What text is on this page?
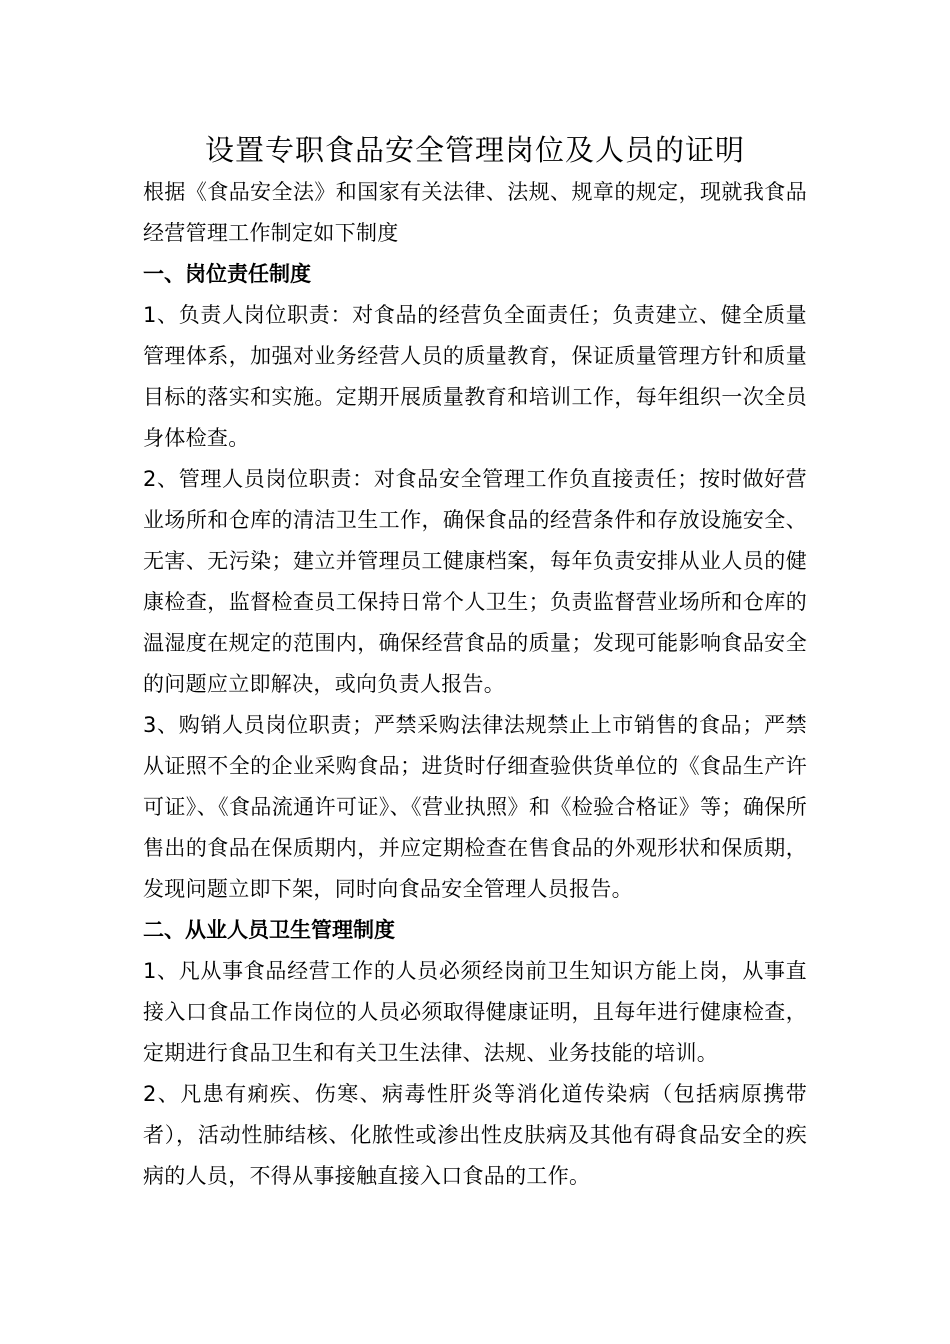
设置专职食品安全管理岗位及人员的证明

根据《食品安全法》和国家有关法律、法规、规章的规定，现就我食品经营管理工作制定如下制度

一、岗位责任制度

1、负责人岗位职责：对食品的经营负全面责任；负责建立、健全质量管理体系，加强对业务经营人员的质量教育，保证质量管理方针和质量目标的落实和实施。定期开展质量教育和培训工作，每年组织一次全员身体检查。

2、管理人员岗位职责：对食品安全管理工作负直接责任；按时做好营业场所和仓库的清洁卫生工作，确保食品的经营条件和存放设施安全、无害、无污染；建立并管理员工健康档案，每年负责安排从业人员的健康检查，监督检查员工保持日常个人卫生；负责监督营业场所和仓库的温湿度在规定的范围内，确保经营食品的质量；发现可能影响食品安全的问题应立即解决，或向负责人报告。

3、购销人员岗位职责；严禁采购法律法规禁止上市销售的食品；严禁从证照不全的企业采购食品；进货时仔细查验供货单位的《食品生产许可证》、《食品流通许可证》、《营业执照》和《检验合格证》等；确保所售出的食品在保质期内，并应定期检查在售食品的外观形状和保质期，发现问题立即下架，同时向食品安全管理人员报告。

二、从业人员卫生管理制度

1、凡从事食品经营工作的人员必须经岗前卫生知识方能上岗，从事直接入口食品工作岗位的人员必须取得健康证明，且每年进行健康检查，定期进行食品卫生和有关卫生法律、法规、业务技能的培训。

2、凡患有痢疾、伤寒、病毒性肝炎等消化道传染病（包括病原携带者），活动性肺结核、化脓性或渗出性皮肤病及其他有碍食品安全的疾病的人员，不得从事接触直接入口食品的工作。
